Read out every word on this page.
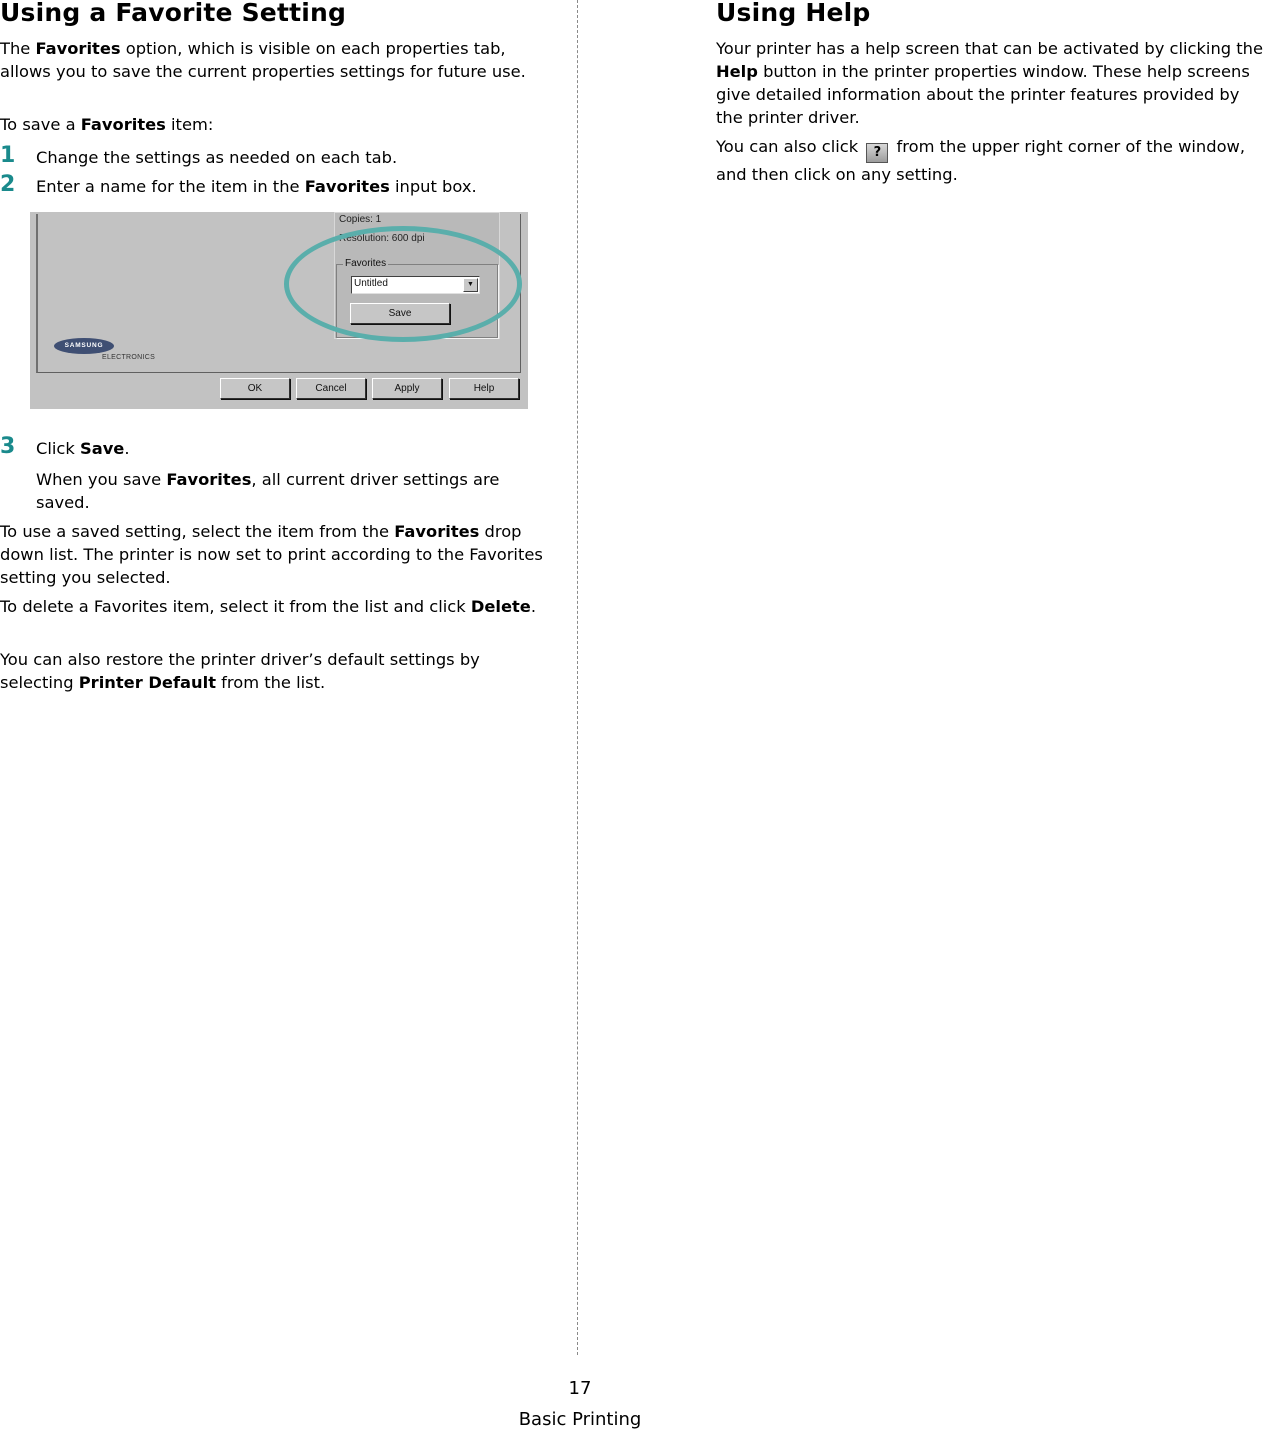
Using a Favorite Setting

The Favorites option, which is visible on each properties tab, allows you to save the current properties settings for future use.

To save a Favorites item:

1 Change the settings as needed on each tab.
2 Enter a name for the item in the Favorites input box.
Copies: 1
Resolution: 600 dpi
Favorites
Untitled	▼
Save
SAMSUNG
ELECTRONICS
OK	Cancel	Apply	Help
3 Click Save.

When you save Favorites, all current driver settings are saved.

To use a saved setting, select the item from the Favorites drop down list. The printer is now set to print according to the Favorites setting you selected.

To delete a Favorites item, select it from the list and click Delete.

You can also restore the printer driver’s default settings by selecting Printer Default from the list.

Using Help

Your printer has a help screen that can be activated by clicking the Help button in the printer properties window. These help screens give detailed information about the printer features provided by the printer driver.

You can also click ? from the upper right corner of the window, and then click on any setting.

17
Basic Printing
